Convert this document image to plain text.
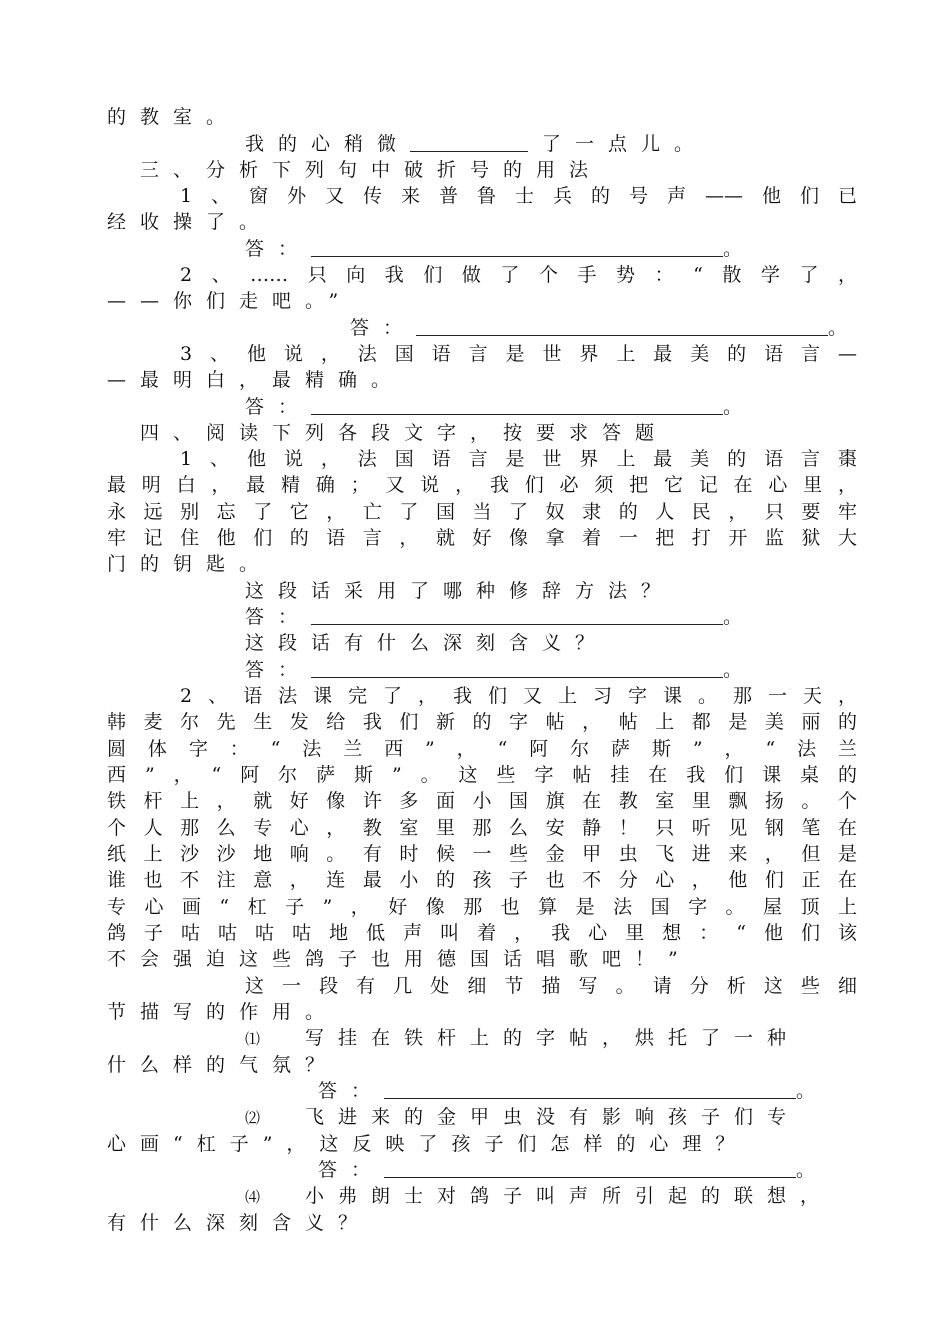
的教室。
我的心稍微	了一点儿。
三、分析下列句中破折号的用法
1、窗外又传来普鲁士兵的号声——他们已
经收操了。
答：	。
2、……只向我们做了个手势：“散学了，
——你们走吧。”
答：	。
3、他说，法国语言是世界上最美的语言—
—最明白，最精确。
答：	。
四、阅读下列各段文字，按要求答题
1、他说，法国语言是世界上最美的语言棗
最明白，最精确；又说，我们必须把它记在心里，
永远别忘了它，亡了国当了奴隶的人民，只要牢
牢记住他们的语言，就好像拿着一把打开监狱大
门的钥匙。
这段话采用了哪种修辞方法？
答：	。
这段话有什么深刻含义？
答：	。
2、语法课完了，我们又上习字课。那一天，
韩麦尔先生发给我们新的字帖，帖上都是美丽的
圆体字：“法兰西”，“阿尔萨斯”，“法兰
西”，“阿尔萨斯”。这些字帖挂在我们课桌的
铁杆上，就好像许多面小国旗在教室里飘扬。个
个人那么专心，教室里那么安静！只听见钢笔在
纸上沙沙地响。有时候一些金甲虫飞进来，但是
谁也不注意，连最小的孩子也不分心，他们正在
专心画“杠子”，好像那也算是法国字。屋顶上
鸽子咕咕咕咕地低声叫着，我心里想：“他们该
不会强迫这些鸽子也用德国话唱歌吧！”
这一段有几处细节描写。请分析这些细
节描写的作用。
⑴ 写挂在铁杆上的字帖，烘托了一种
什么样的气氛？
答：	。
⑵ 飞进来的金甲虫没有影响孩子们专
心画“杠子”，这反映了孩子们怎样的心理？
答：	。
⑷ 小弗朗士对鸽子叫声所引起的联想，
有什么深刻含义？
